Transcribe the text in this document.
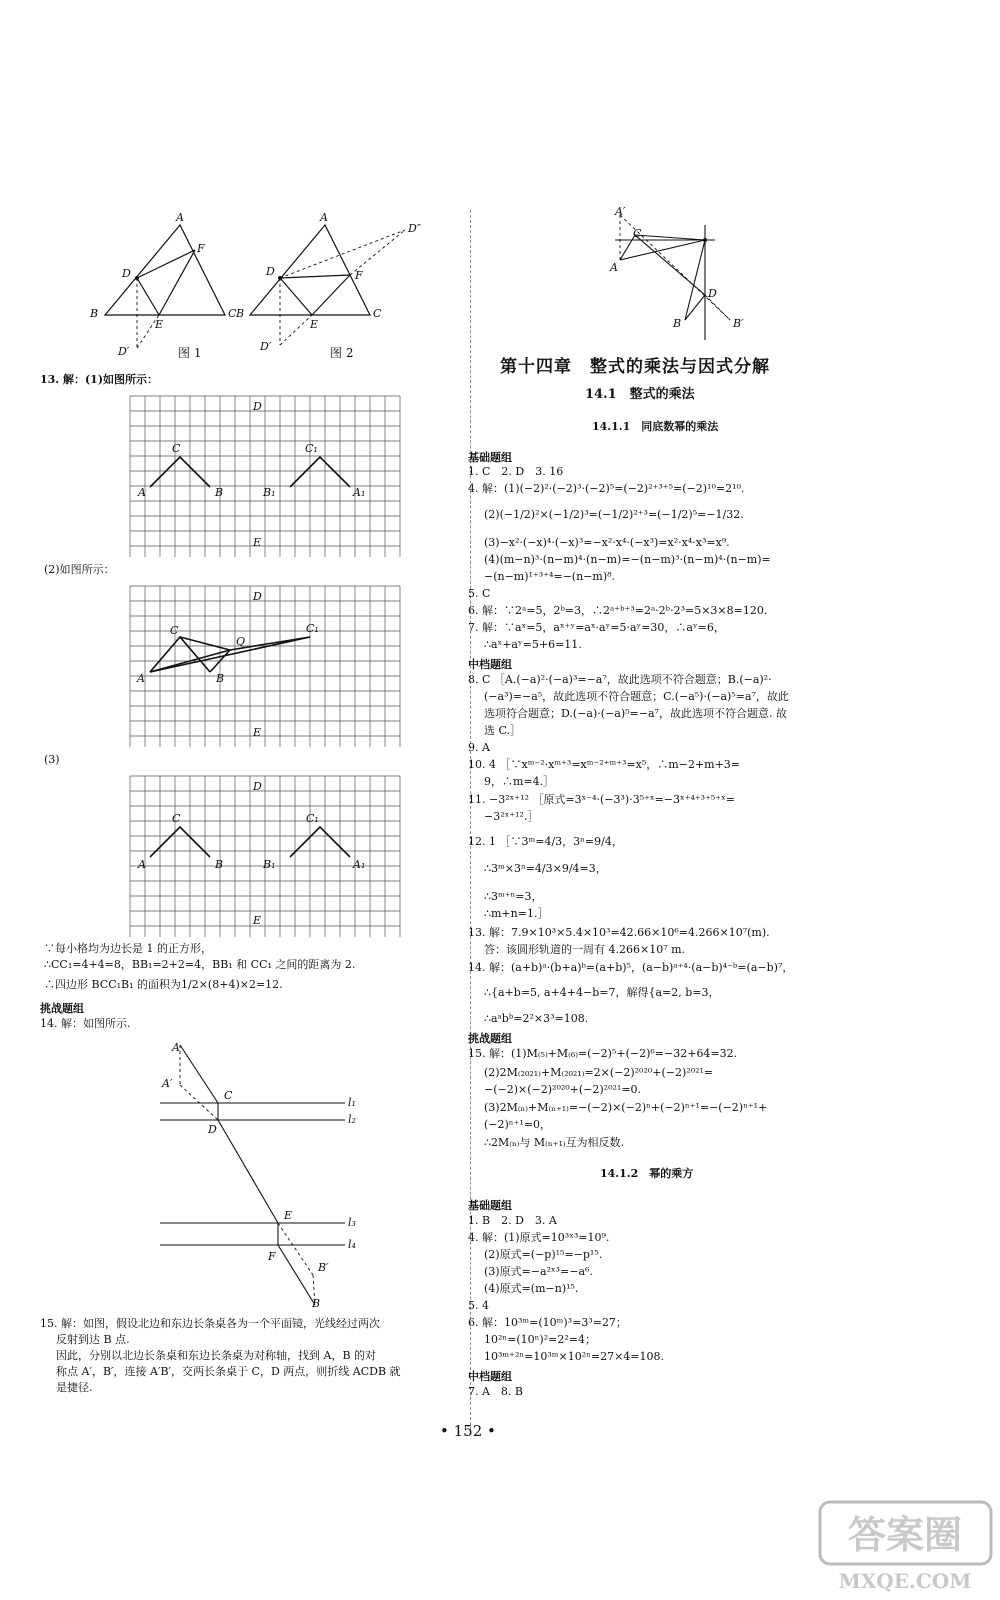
A
F
D
B
E
C
D′	图 1
A
D″
F
D
B
E
C
D′	图 2
13. 解：(1)如图所示：
A
C
B	B₁
C₁
A₁
D
E
(2)如图所示：
A
C
B
Q
C₁
D
E
(3)
A
C
B	B₁
C₁
A₁
D
E
∵每小格均为边长是 1 的正方形，
∴CC₁=4+4=8，BB₁=2+2=4，BB₁ 和 CC₁ 之间的距离为 2.
∴四边形 BCC₁B₁ 的面积为1/2×(8+4)×2=12.
挑战题组
14. 解：如图所示.
A
A′
C
D
E
F
B′
B
l₁
l₂
l₃
l₄
15. 解：如图，假设北边和东边长条桌各为一个平面镜，光线经过两次
反射到达 B 点.
因此，分别以北边长条桌和东边长条桌为对称轴，找到 A，B 的对
称点 A′，B′，连接 A′B′，交两长条桌于 C，D 两点，则折线 ACDB 就
是捷径.
A′
C
A
D
B	B′
第十四章　整式的乘法与因式分解
14.1　整式的乘法
14.1.1　同底数幂的乘法
基础题组
1. C　2. D　3. 16
4. 解：(1)(−2)²·(−2)³·(−2)⁵=(−2)²⁺³⁺⁵=(−2)¹⁰=2¹⁰.
(2)(−1/2)²×(−1/2)³=(−1/2)²⁺³=(−1/2)⁵=−1/32.
(3)−x²·(−x)⁴·(−x)³=−x²·x⁴·(−x³)=x²·x⁴·x³=x⁹.
(4)(m−n)³·(n−m)⁴·(n−m)=−(n−m)³·(n−m)⁴·(n−m)=
−(n−m)¹⁺³⁺⁴=−(n−m)⁸.
5. C
6. 解：∵2ᵃ=5，2ᵇ=3，∴2ᵃ⁺ᵇ⁺³=2ᵃ·2ᵇ·2³=5×3×8=120.
7. 解：∵aˣ=5，aˣ⁺ʸ=aˣ·aʸ=5·aʸ=30，∴aʸ=6，
∴aˣ+aʸ=5+6=11.
中档题组
8. C ［A.(−a)²·(−a)³=−a⁷，故此选项不符合题意；B.(−a)²·
(−a³)=−a⁵，故此选项不符合题意；C.(−a⁵)·(−a)⁵=a⁷，故此
选项符合题意；D.(−a)·(−a)⁵=−a⁷，故此选项不符合题意. 故
选 C.］
9. A
10. 4 ［∵xᵐ⁻²·xᵐ⁺³=xᵐ⁻²⁺ᵐ⁺³=x⁵，∴m−2+m+3=
9，∴m=4.］
11. −3²ˣ⁺¹² ［原式=3ˣ⁻⁴·(−3³)·3⁵⁺ˣ=−3ˣ⁺⁴⁺³⁺⁵⁺ˣ=
−3²ˣ⁺¹².］
12. 1 ［∵3ᵐ=4/3，3ⁿ=9/4，
∴3ᵐ×3ⁿ=4/3×9/4=3，
∴3ᵐ⁺ⁿ=3，
∴m+n=1.］
13. 解：7.9×10³×5.4×10³=42.66×10⁶=4.266×10⁷(m).
答：该圆形轨道的一周有 4.266×10⁷ m.
14. 解：(a+b)ᵃ·(b+a)ᵇ=(a+b)⁵，(a−b)ᵃ⁺⁴·(a−b)⁴⁻ᵇ=(a−b)⁷，
∴{a+b=5, a+4+4−b=7，解得{a=2, b=3，
∴aᵃbᵇ=2²×3³=108.
挑战题组
15. 解：(1)M₍₅₎+M₍₆₎=(−2)⁵+(−2)⁶=−32+64=32.
(2)2M₍₂₀₂₁₎+M₍₂₀₂₁₎=2×(−2)²⁰²⁰+(−2)²⁰²¹=
−(−2)×(−2)²⁰²⁰+(−2)²⁰²¹=0.
(3)2M₍ₙ₎+M₍ₙ₊₁₎=−(−2)×(−2)ⁿ+(−2)ⁿ⁺¹=−(−2)ⁿ⁺¹+
(−2)ⁿ⁺¹=0，
∴2M₍ₙ₎与 M₍ₙ₊₁₎互为相反数.
14.1.2　幂的乘方
基础题组
1. B　2. D　3. A
4. 解：(1)原式=10³ˣ³=10⁹.
(2)原式=(−p)¹⁵=−p¹⁵.
(3)原式=−a²ˣ³=−a⁶.
(4)原式=(m−n)¹⁵.
5. 4
6. 解：10³ᵐ=(10ᵐ)³=3³=27；
10²ⁿ=(10ⁿ)²=2²=4；
10³ᵐ⁺²ⁿ=10³ᵐ×10²ⁿ=27×4=108.
中档题组
7. A　8. B
• 152 •
答案圈
MXQE.COM
